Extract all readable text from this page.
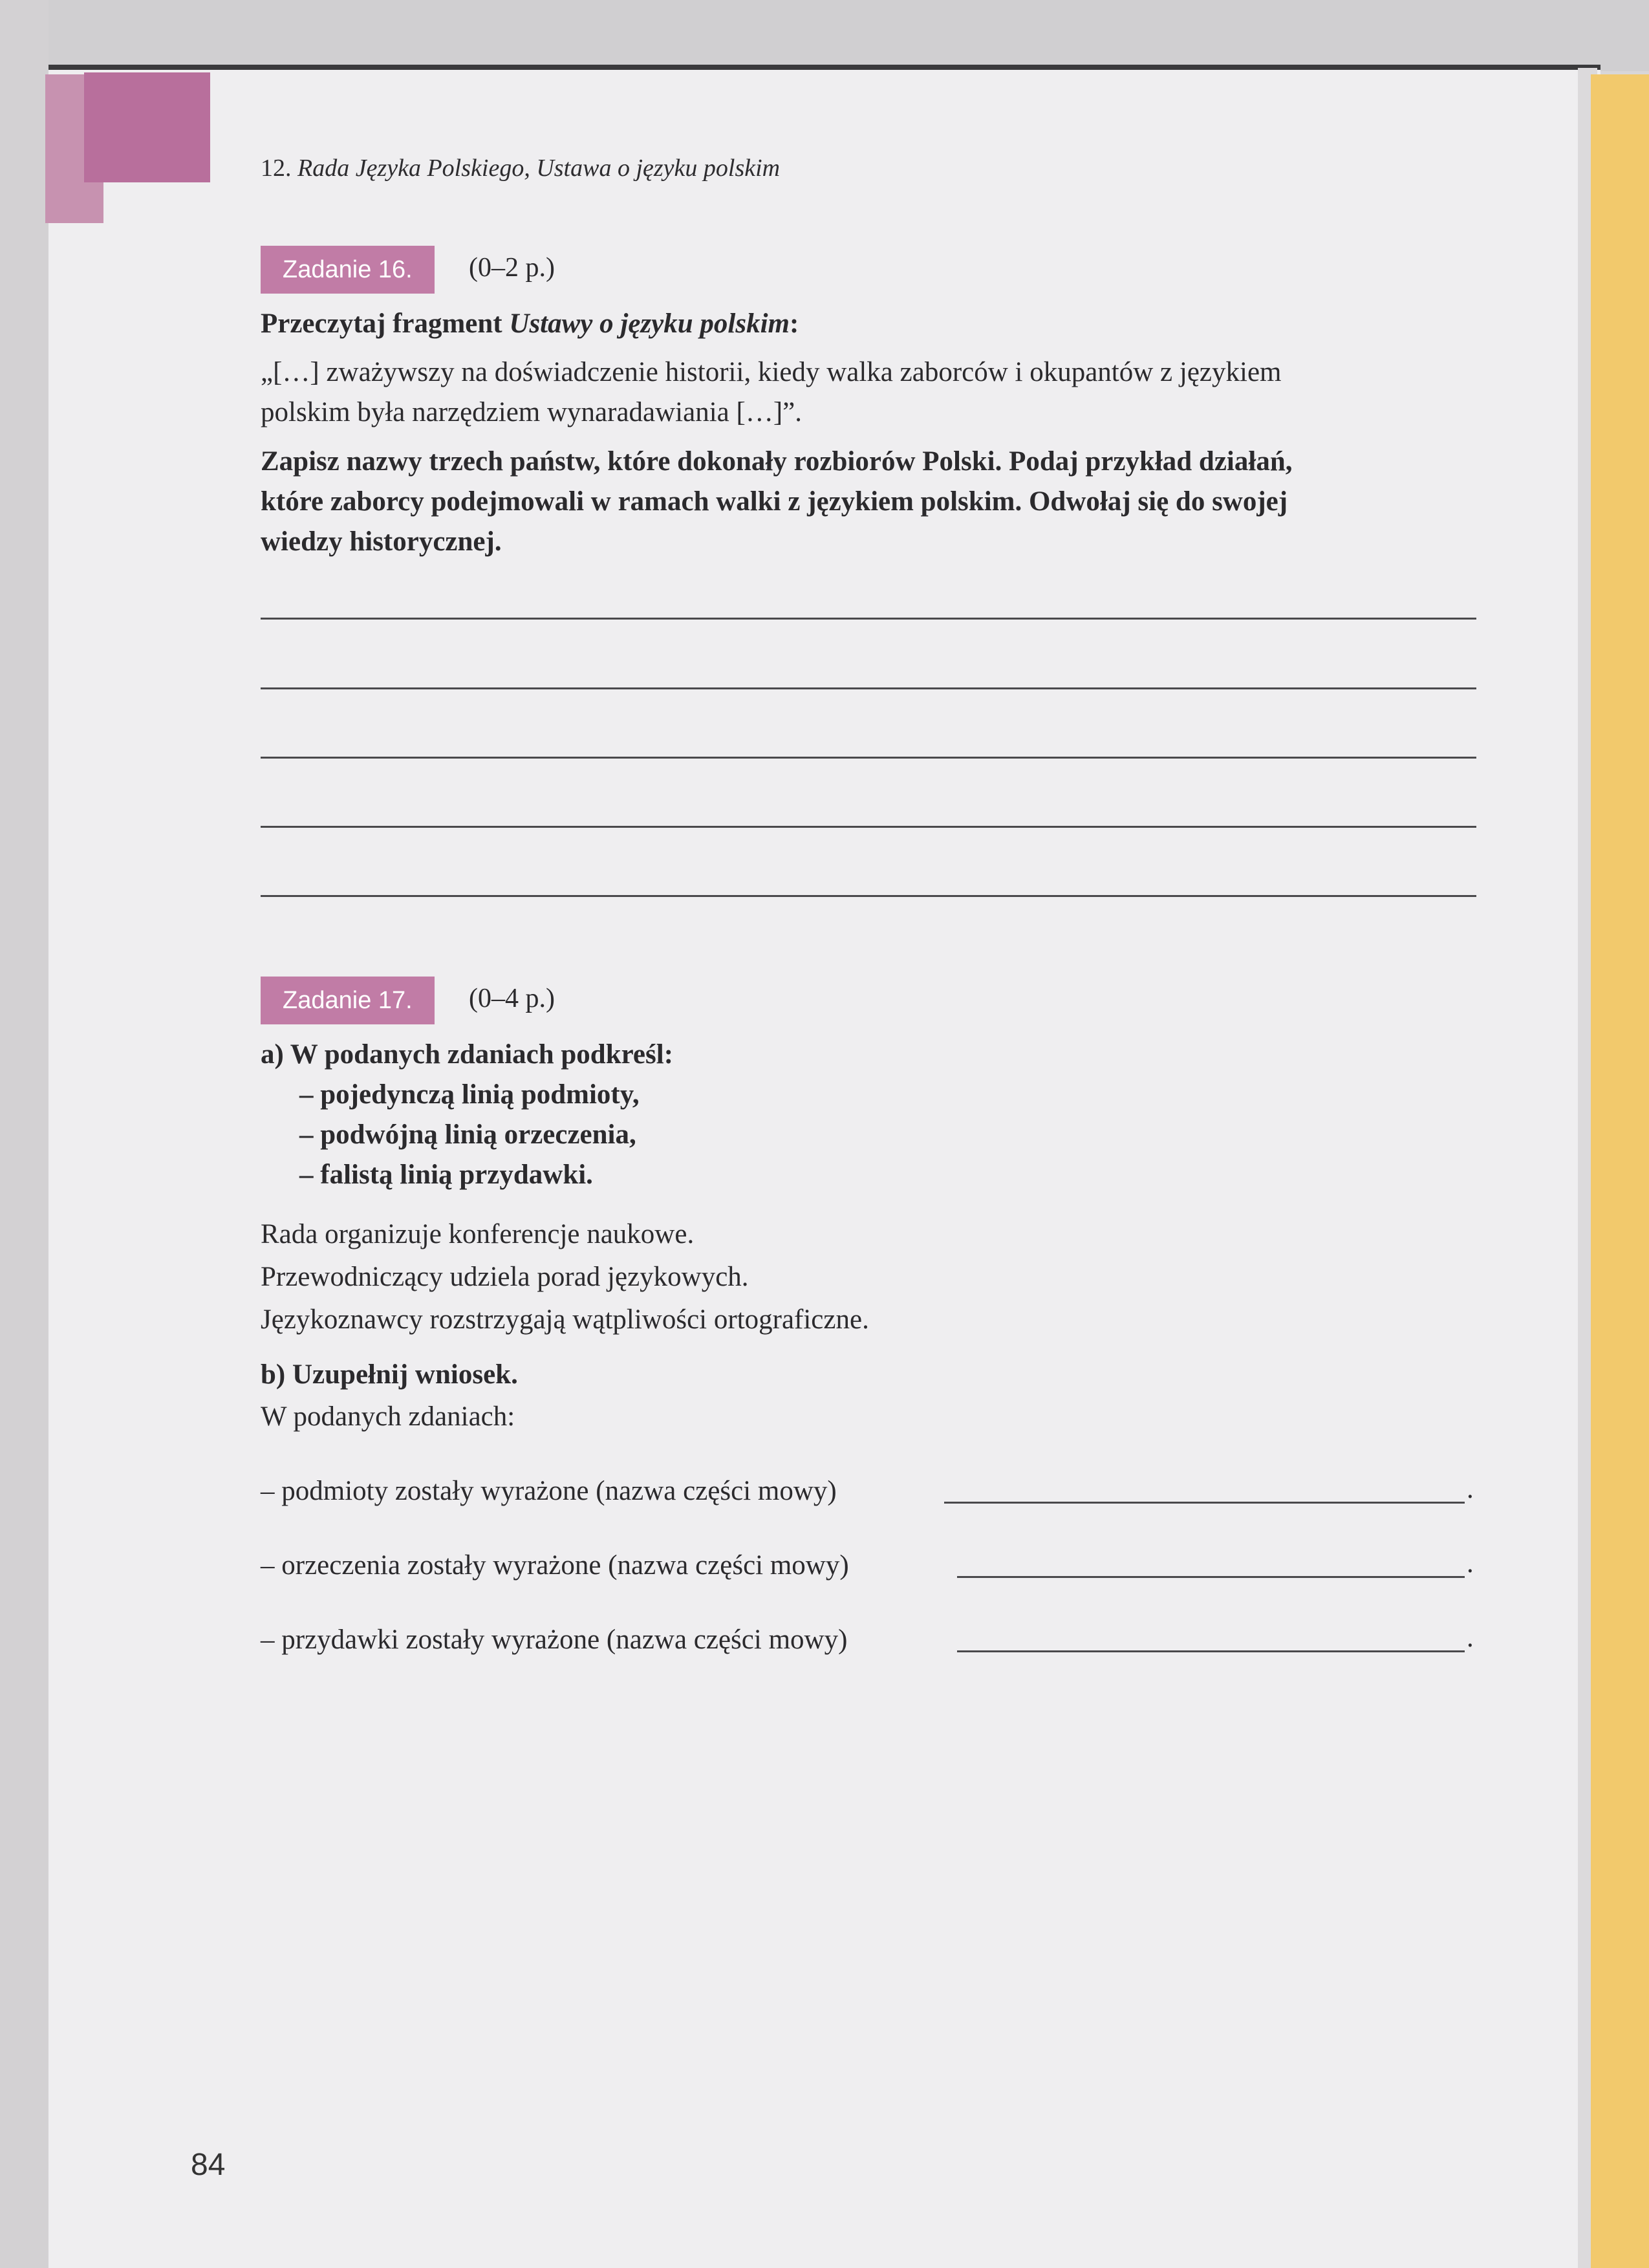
12. Rada Języka Polskiego, Ustawa o języku polskim
Zadanie 16.	(0–2 p.)
Przeczytaj fragment Ustawy o języku polskim:
„[…] zważywszy na doświadczenie historii, kiedy walka zaborców i okupantów z językiem
polskim była narzędziem wynaradawiania […]”.
Zapisz nazwy trzech państw, które dokonały rozbiorów Polski. Podaj przykład działań,
które zaborcy podejmowali w ramach walki z językiem polskim. Odwołaj się do swojej
wiedzy historycznej.
Zadanie 17.	(0–4 p.)
a) W podanych zdaniach podkreśl:
– pojedynczą linią podmioty,
– podwójną linią orzeczenia,
– falistą linią przydawki.
Rada organizuje konferencje naukowe.
Przewodniczący udziela porad językowych.
Językoznawcy rozstrzygają wątpliwości ortograficzne.
b) Uzupełnij wniosek.
W podanych zdaniach:
– podmioty zostały wyrażone (nazwa części mowy)	.
– orzeczenia zostały wyrażone (nazwa części mowy)	.
– przydawki zostały wyrażone (nazwa części mowy)	.
84
